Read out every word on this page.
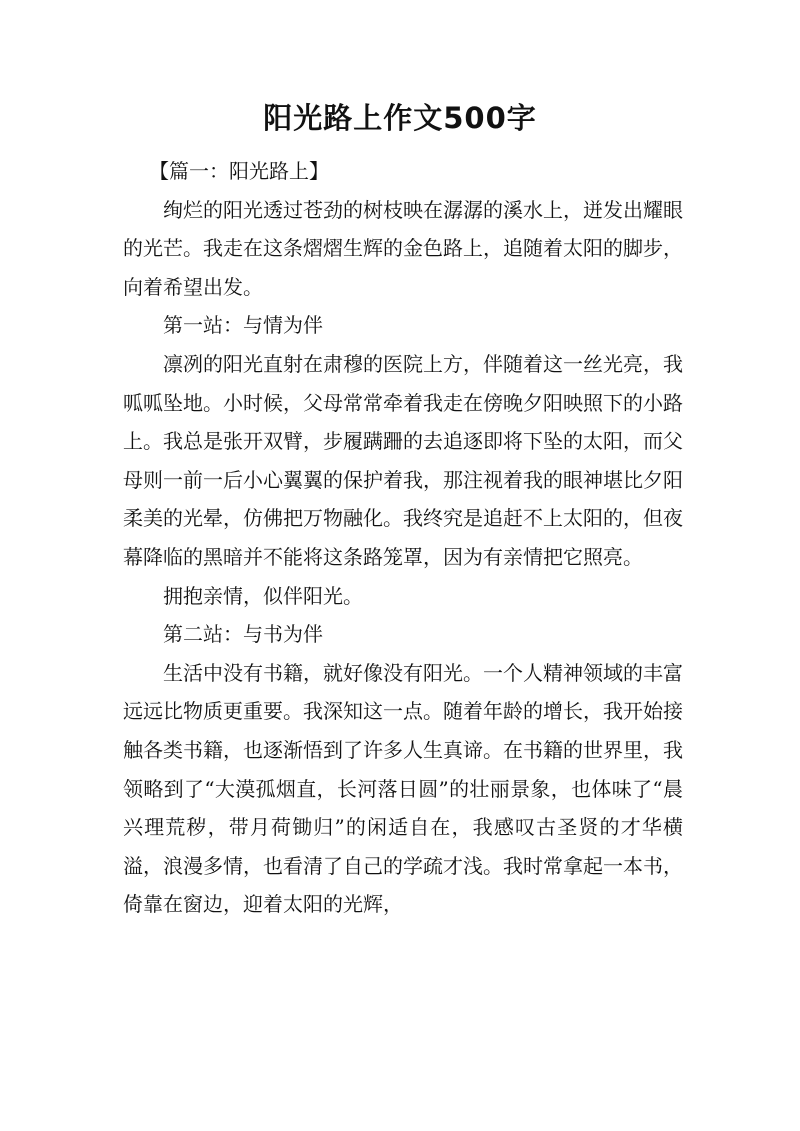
阳光路上作文500字

【篇一：阳光路上】

绚烂的阳光透过苍劲的树枝映在潺潺的溪水上，迸发出耀眼的光芒。我走在这条熠熠生辉的金色路上，追随着太阳的脚步，向着希望出发。

第一站：与情为伴

凛冽的阳光直射在肃穆的医院上方，伴随着这一丝光亮，我呱呱坠地。小时候，父母常常牵着我走在傍晚夕阳映照下的小路上。我总是张开双臂，步履蹒跚的去追逐即将下坠的太阳，而父母则一前一后小心翼翼的保护着我，那注视着我的眼神堪比夕阳柔美的光晕，仿佛把万物融化。我终究是追赶不上太阳的，但夜幕降临的黑暗并不能将这条路笼罩，因为有亲情把它照亮。

拥抱亲情，似伴阳光。

第二站：与书为伴

生活中没有书籍，就好像没有阳光。一个人精神领域的丰富远远比物质更重要。我深知这一点。随着年龄的增长，我开始接触各类书籍，也逐渐悟到了许多人生真谛。在书籍的世界里，我领略到了“大漠孤烟直，长河落日圆”的壮丽景象，也体味了“晨兴理荒秽，带月荷锄归”的闲适自在，我感叹古圣贤的才华横溢，浪漫多情，也看清了自己的学疏才浅。我时常拿起一本书，倚靠在窗边，迎着太阳的光辉，
